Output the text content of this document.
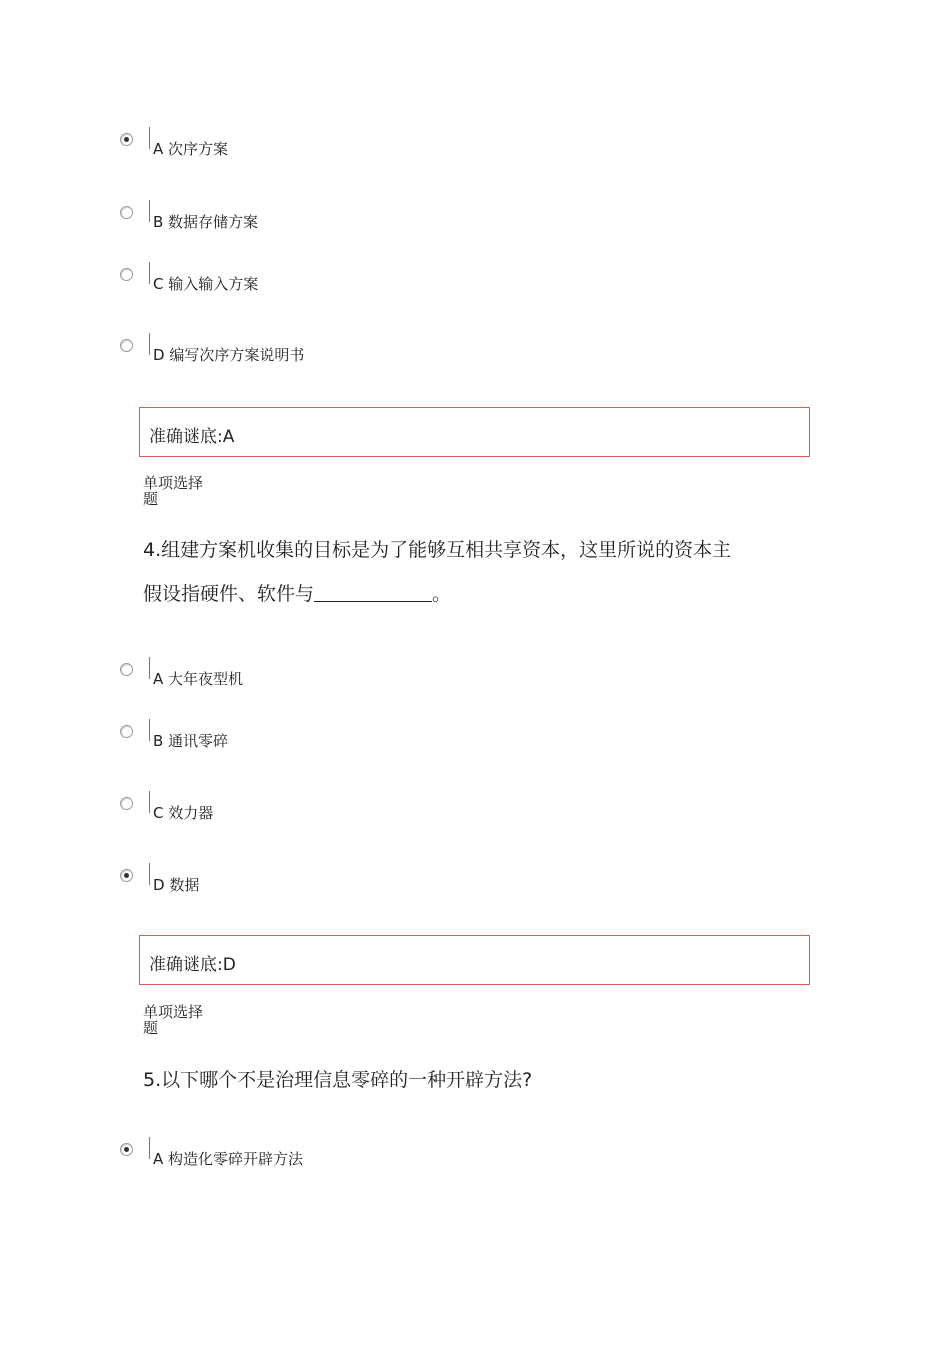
A 次序方案
B 数据存储方案
C 输入输入方案
D 编写次序方案说明书
准确谜底:A
单项选择
题
4.组建方案机收集的目标是为了能够互相共享资本，这里所说的资本主
假设指硬件、软件与	。
A 大年夜型机
B 通讯零碎
C 效力器
D 数据
准确谜底:D
单项选择
题
5.以下哪个不是治理信息零碎的一种开辟方法?
A 构造化零碎开辟方法
